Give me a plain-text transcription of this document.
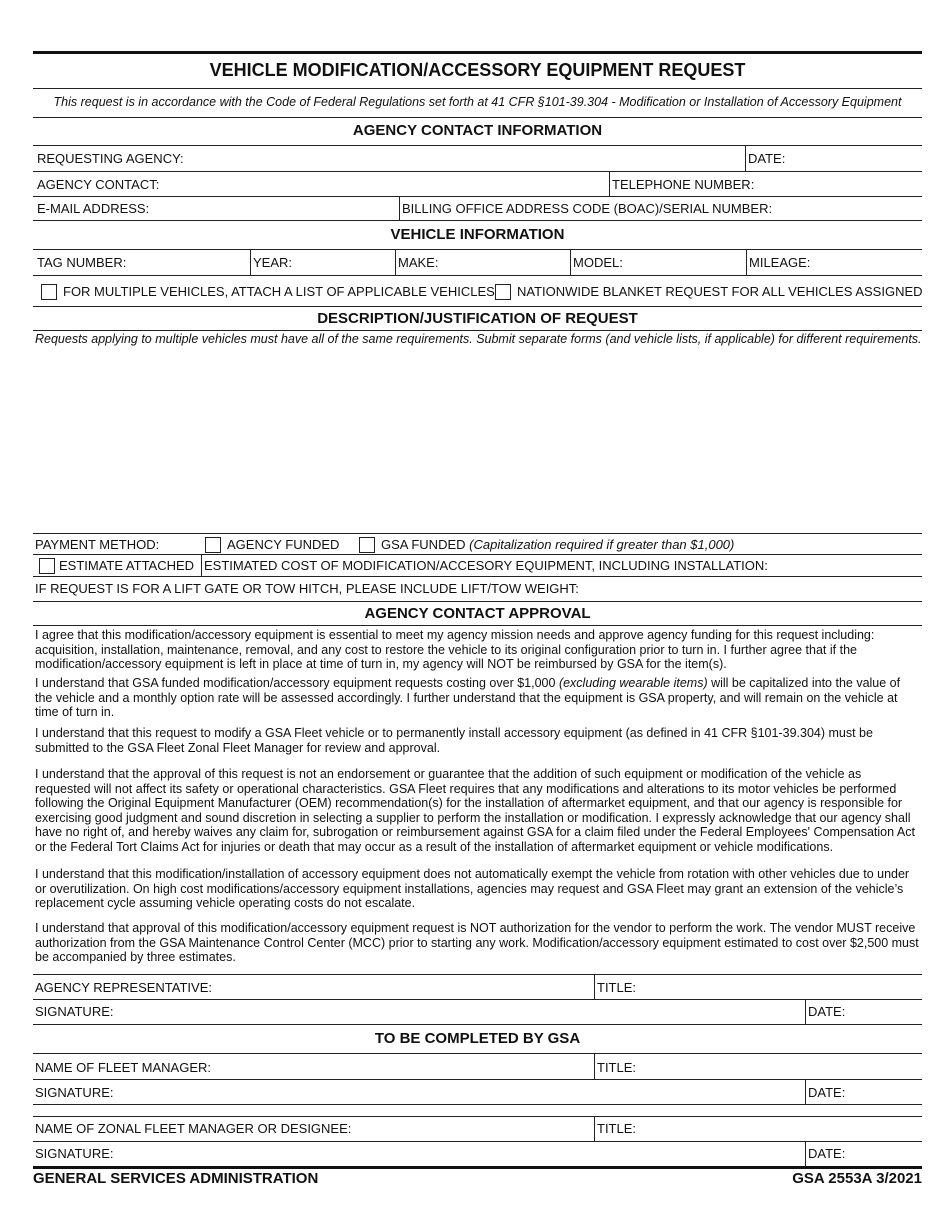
VEHICLE MODIFICATION/ACCESSORY EQUIPMENT REQUEST
This request is in accordance with the Code of Federal Regulations set forth at 41 CFR §101-39.304 - Modification or Installation of Accessory Equipment
AGENCY CONTACT INFORMATION
REQUESTING AGENCY:	DATE:
AGENCY CONTACT:	TELEPHONE NUMBER:
E-MAIL ADDRESS:	BILLING OFFICE ADDRESS CODE (BOAC)/SERIAL NUMBER:
VEHICLE INFORMATION
TAG NUMBER:	YEAR:	MAKE:	MODEL:	MILEAGE:
FOR MULTIPLE VEHICLES, ATTACH A LIST OF APPLICABLE VEHICLES NATIONWIDE BLANKET REQUEST FOR ALL VEHICLES ASSIGNED
DESCRIPTION/JUSTIFICATION OF REQUEST
Requests applying to multiple vehicles must have all of the same requirements. Submit separate forms (and vehicle lists, if applicable) for different requirements.
PAYMENT METHOD:	AGENCY FUNDED	GSA FUNDED (Capitalization required if greater than $1,000)
ESTIMATE ATTACHED ESTIMATED COST OF MODIFICATION/ACCESORY EQUIPMENT, INCLUDING INSTALLATION:
IF REQUEST IS FOR A LIFT GATE OR TOW HITCH, PLEASE INCLUDE LIFT/TOW WEIGHT:
AGENCY CONTACT APPROVAL
I agree that this modification/accessory equipment is essential to meet my agency mission needs and approve agency funding for this request including: acquisition, installation, maintenance, removal, and any cost to restore the vehicle to its original configuration prior to turn in. I further agree that if the modification/accessory equipment is left in place at time of turn in, my agency will NOT be reimbursed by GSA for the item(s).
I understand that GSA funded modification/accessory equipment requests costing over $1,000 (excluding wearable items) will be capitalized into the value of the vehicle and a monthly option rate will be assessed accordingly. I further understand that the equipment is GSA property, and will remain on the vehicle at time of turn in.
I understand that this request to modify a GSA Fleet vehicle or to permanently install accessory equipment (as defined in 41 CFR §101-39.304) must be submitted to the GSA Fleet Zonal Fleet Manager for review and approval.
I understand that the approval of this request is not an endorsement or guarantee that the addition of such equipment or modification of the vehicle as requested will not affect its safety or operational characteristics. GSA Fleet requires that any modifications and alterations to its motor vehicles be performed following the Original Equipment Manufacturer (OEM) recommendation(s) for the installation of aftermarket equipment, and that our agency is responsible for exercising good judgment and sound discretion in selecting a supplier to perform the installation or modification. I expressly acknowledge that our agency shall have no right of, and hereby waives any claim for, subrogation or reimbursement against GSA for a claim filed under the Federal Employees' Compensation Act or the Federal Tort Claims Act for injuries or death that may occur as a result of the installation of aftermarket equipment or vehicle modifications.
I understand that this modification/installation of accessory equipment does not automatically exempt the vehicle from rotation with other vehicles due to under or overutilization. On high cost modifications/accessory equipment installations, agencies may request and GSA Fleet may grant an extension of the vehicle’s replacement cycle assuming vehicle operating costs do not escalate.
I understand that approval of this modification/accessory equipment request is NOT authorization for the vendor to perform the work. The vendor MUST receive authorization from the GSA Maintenance Control Center (MCC) prior to starting any work. Modification/accessory equipment estimated to cost over $2,500 must be accompanied by three estimates.
AGENCY REPRESENTATIVE:	TITLE:
SIGNATURE:	DATE:
TO BE COMPLETED BY GSA
NAME OF FLEET MANAGER:	TITLE:
SIGNATURE:	DATE:
NAME OF ZONAL FLEET MANAGER OR DESIGNEE:	TITLE:
SIGNATURE:	DATE:
GENERAL SERVICES ADMINISTRATION	GSA 2553A 3/2021
